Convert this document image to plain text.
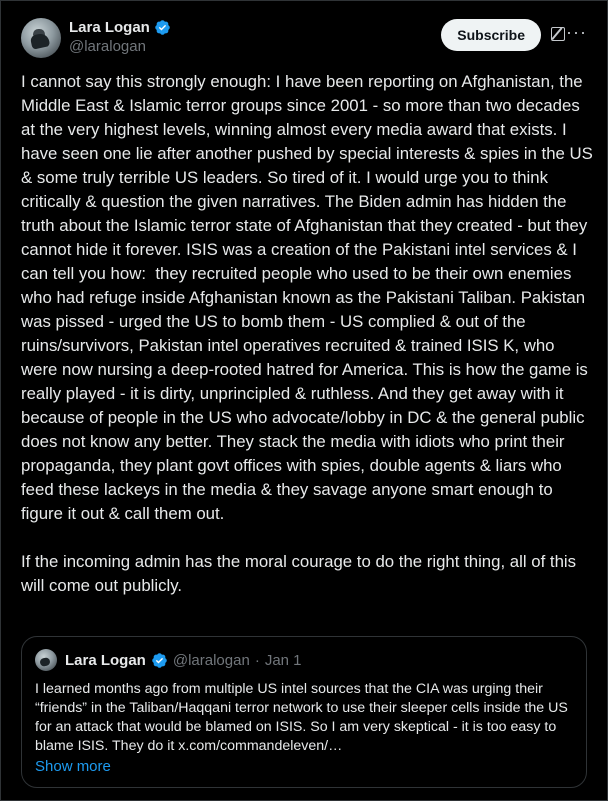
Lara Logan
@laralogan
Subscribe	···
I cannot say this strongly enough: I have been reporting on Afghanistan, the Middle East & Islamic terror groups since 2001 - so more than two decades at the very highest levels, winning almost every media award that exists. I have seen one lie after another pushed by special interests & spies in the US & some truly terrible US leaders. So tired of it. I would urge you to think critically & question the given narratives. The Biden admin has hidden the truth about the Islamic terror state of Afghanistan that they created - but they cannot hide it forever. ISIS was a creation of the Pakistani intel services & I can tell you how:  they recruited people who used to be their own enemies who had refuge inside Afghanistan known as the Pakistani Taliban. Pakistan was pissed - urged the US to bomb them - US complied & out of the ruins/survivors, Pakistan intel operatives recruited & trained ISIS K, who were now nursing a deep-rooted hatred for America. This is how the game is really played - it is dirty, unprincipled & ruthless. And they get away with it because of people in the US who advocate/lobby in DC & the general public does not know any better. They stack the media with idiots who print their propaganda, they plant govt offices with spies, double agents & liars who feed these lackeys in the media & they savage anyone smart enough to figure it out & call them out.

If the incoming admin has the moral courage to do the right thing, all of this will come out publicly.
Lara Logan @laralogan · Jan 1
I learned months ago from multiple US intel sources that the CIA was urging their “friends” in the Taliban/Haqqani terror network to use their sleeper cells inside the US for an attack that would be blamed on ISIS. So I am very skeptical - it is too easy to blame ISIS. They do it x.com/commandeleven/…
Show more
